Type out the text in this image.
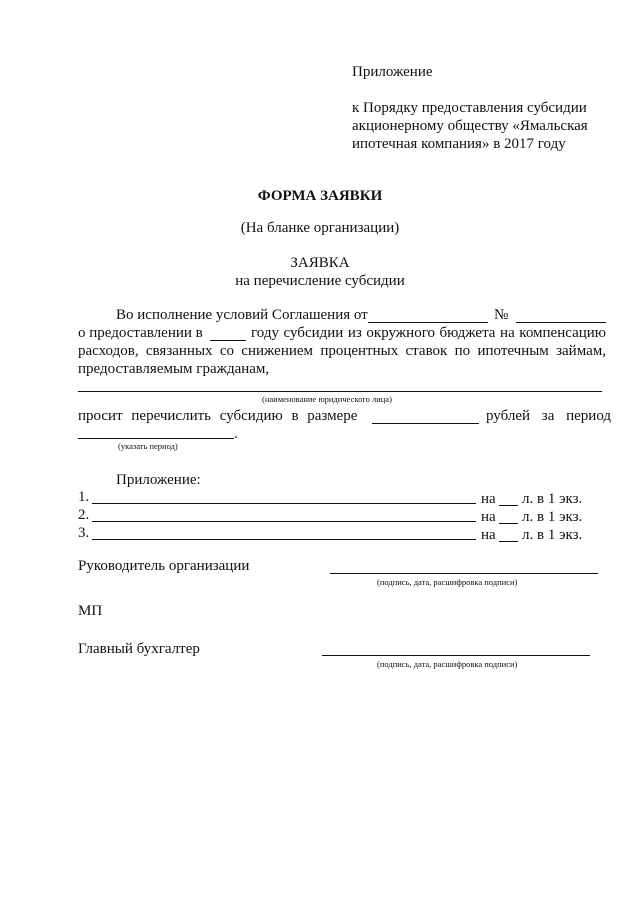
Приложение
к Порядку предоставления субсидии
акционерному обществу «Ямальская
ипотечная компания» в 2017 году
ФОРМА ЗАЯВКИ
(На бланке организации)
ЗАЯВКА
на перечисление субсидии
Во исполнение условий Соглашения от	№
о предоставлении в	году субсидии из окружного бюджета на компенсацию
расходов, связанных со снижением процентных ставок по ипотечным займам,
предоставляемым гражданам,
(наименование юридического лица)
просит перечислить субсидию в размере	рублей за период
.
(указать период)
Приложение:
1.	на л. в 1 экз.
2.	на л. в 1 экз.
3.	на л. в 1 экз.
Руководитель организации
(подпись, дата, расшифровка подписи)
МП
Главный бухгалтер
(подпись, дата, расшифровка подписи)
